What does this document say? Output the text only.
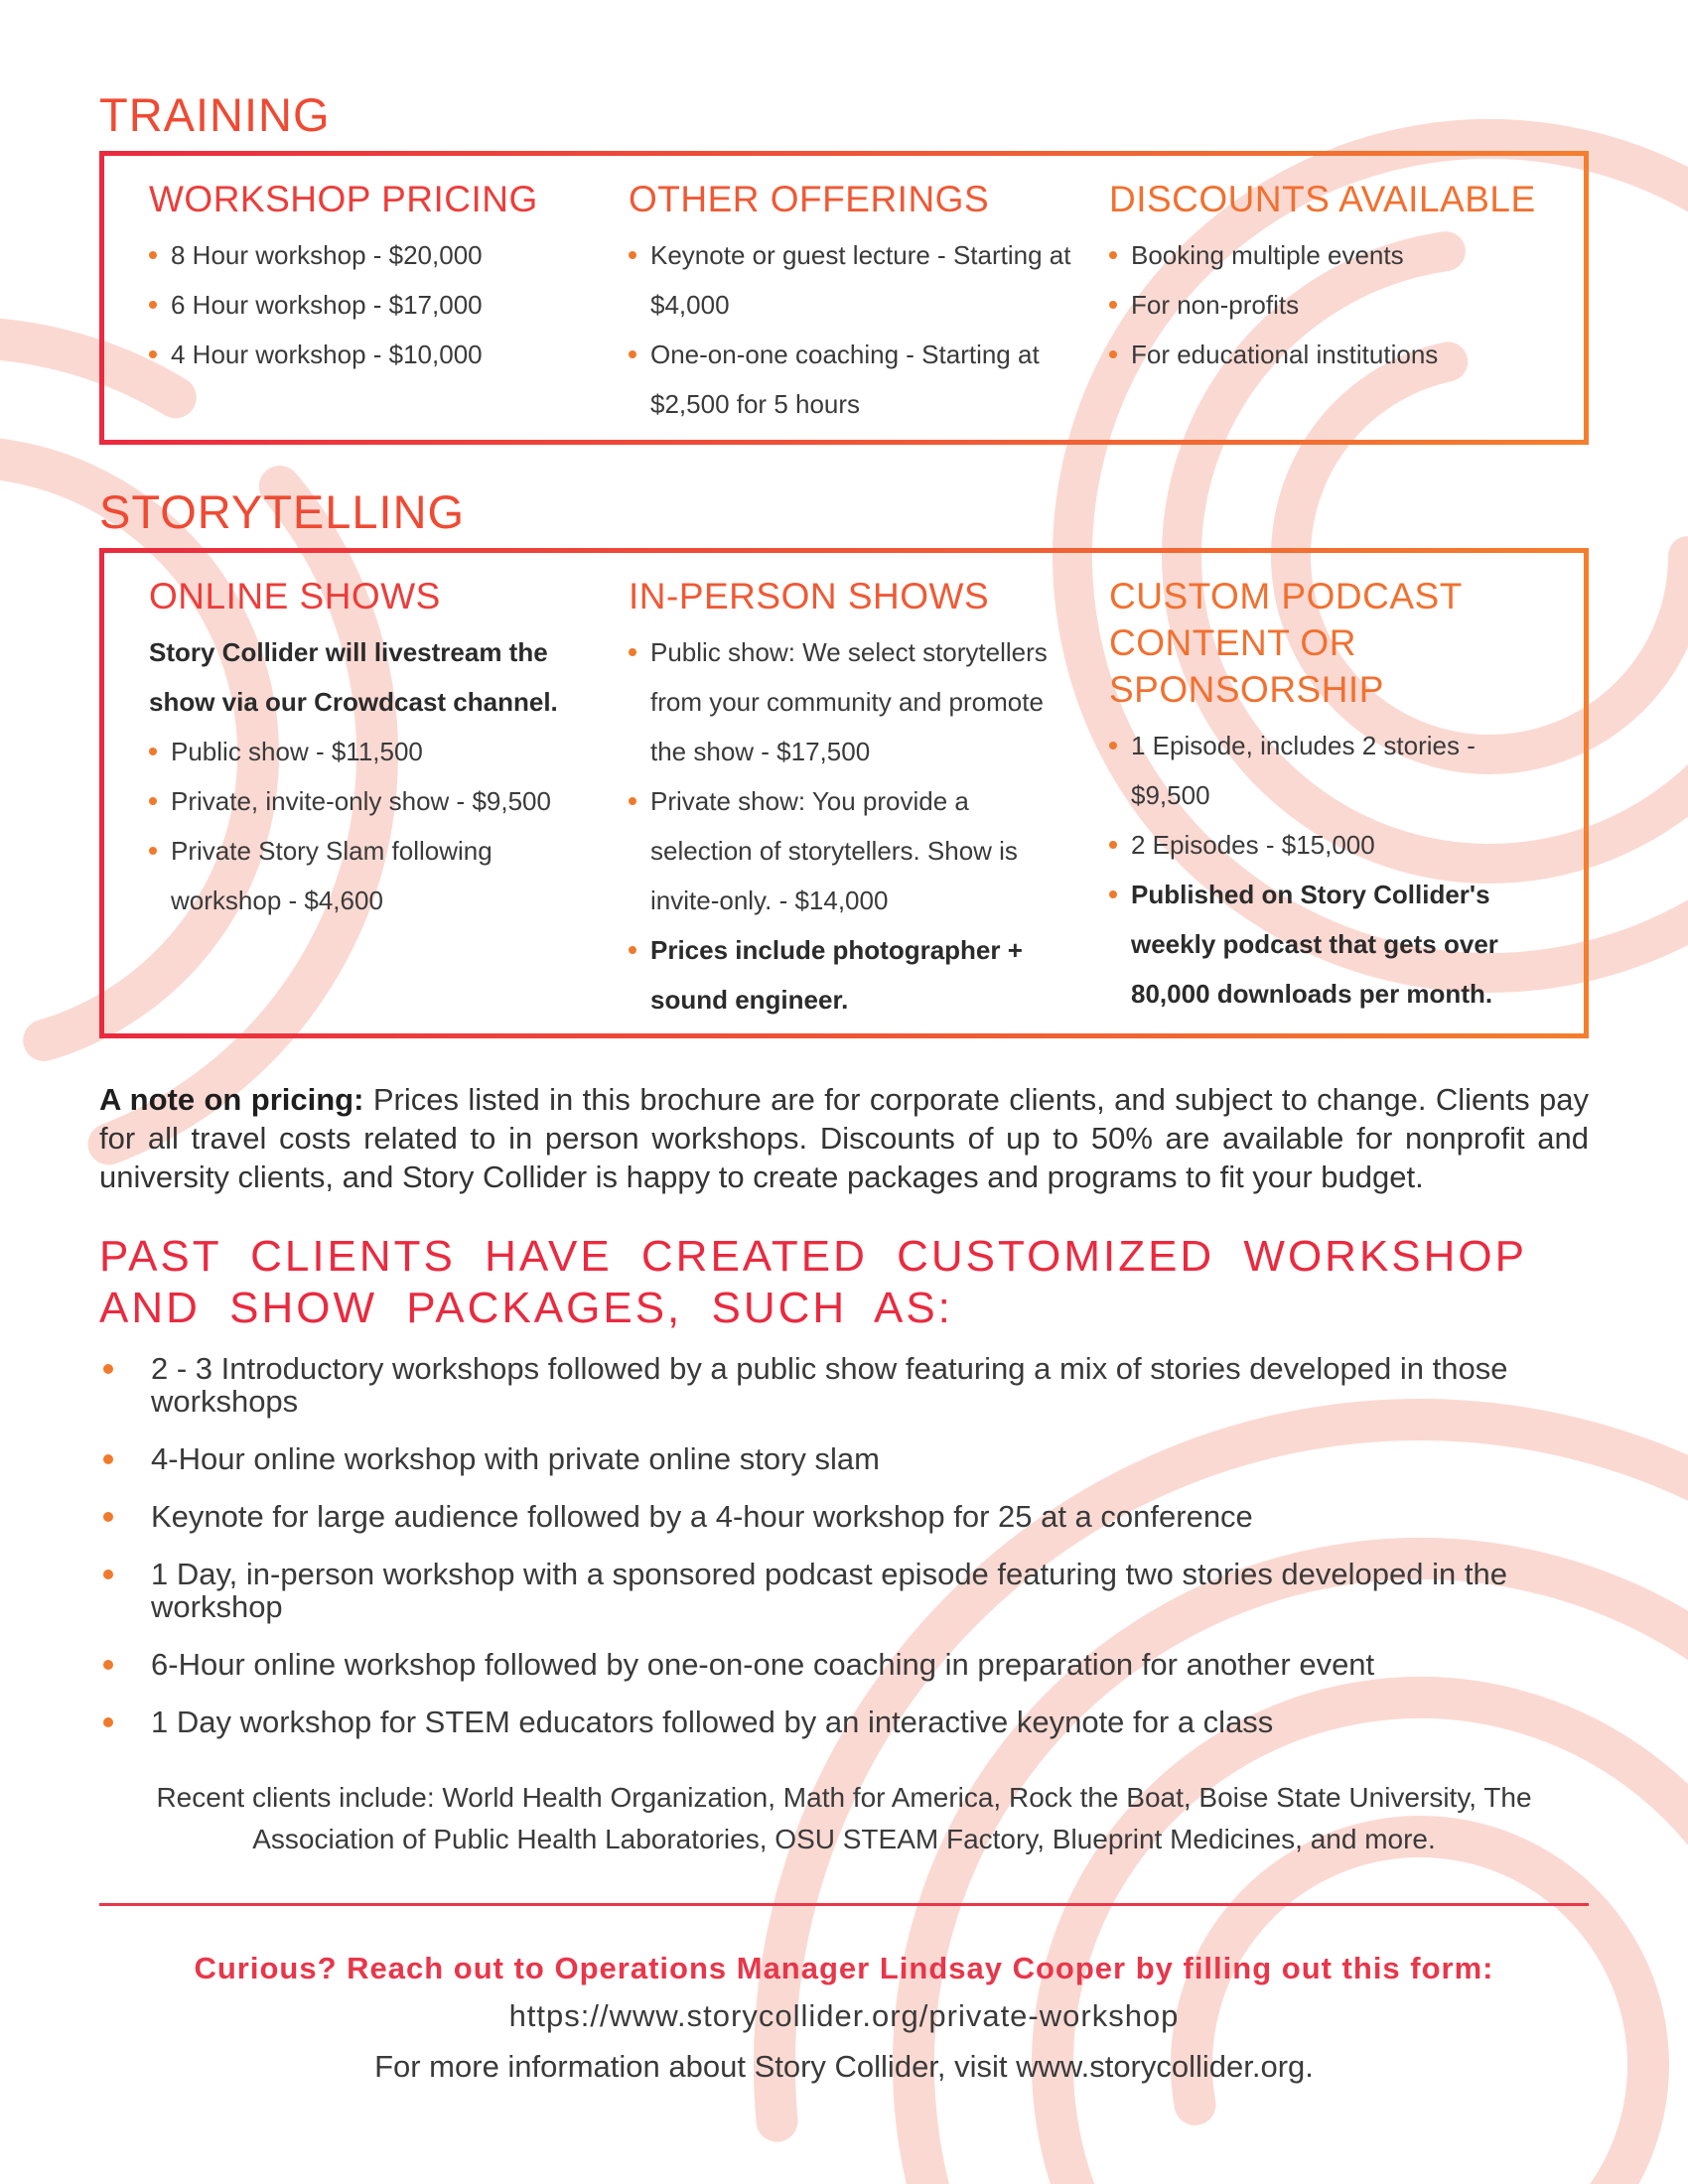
TRAINING
WORKSHOP PRICING
8 Hour workshop - $20,000
6 Hour workshop - $17,000
4 Hour workshop - $10,000
OTHER OFFERINGS
Keynote or guest lecture - Starting at $4,000
One-on-one coaching - Starting at $2,500 for 5 hours
DISCOUNTS AVAILABLE
Booking multiple events
For non-profits
For educational institutions
STORYTELLING
ONLINE SHOWS

Story Collider will livestream the show via our Crowdcast channel.

Public show - $11,500
Private, invite-only show - $9,500
Private Story Slam following workshop - $4,600
IN-PERSON SHOWS
Public show: We select storytellers from your community and promote the show - $17,500
Private show: You provide a selection of storytellers. Show is invite-only. - $14,000
Prices include photographer + sound engineer.
CUSTOM PODCAST CONTENT OR SPONSORSHIP
1 Episode, includes 2 stories - $9,500
2 Episodes - $15,000
Published on Story Collider's weekly podcast that gets over 80,000 downloads per month.

A note on pricing: Prices listed in this brochure are for corporate clients, and subject to change. Clients pay for all travel costs related to in person workshops. Discounts of up to 50% are available for nonprofit and university clients, and Story Collider is happy to create packages and programs to fit your budget.

PAST CLIENTS HAVE CREATED CUSTOMIZED WORKSHOP AND SHOW PACKAGES, SUCH AS:
2 - 3 Introductory workshops followed by a public show featuring a mix of stories developed in those workshops
4-Hour online workshop with private online story slam
Keynote for large audience followed by a 4-hour workshop for 25 at a conference
1 Day, in-person workshop with a sponsored podcast episode featuring two stories developed in the workshop
6-Hour online workshop followed by one-on-one coaching in preparation for another event
1 Day workshop for STEM educators followed by an interactive keynote for a class

Recent clients include: World Health Organization, Math for America, Rock the Boat, Boise State University, The Association of Public Health Laboratories, OSU STEAM Factory, Blueprint Medicines, and more.

Curious? Reach out to Operations Manager Lindsay Cooper by filling out this form:

https://www.storycollider.org/private-workshop

For more information about Story Collider, visit www.storycollider.org.
